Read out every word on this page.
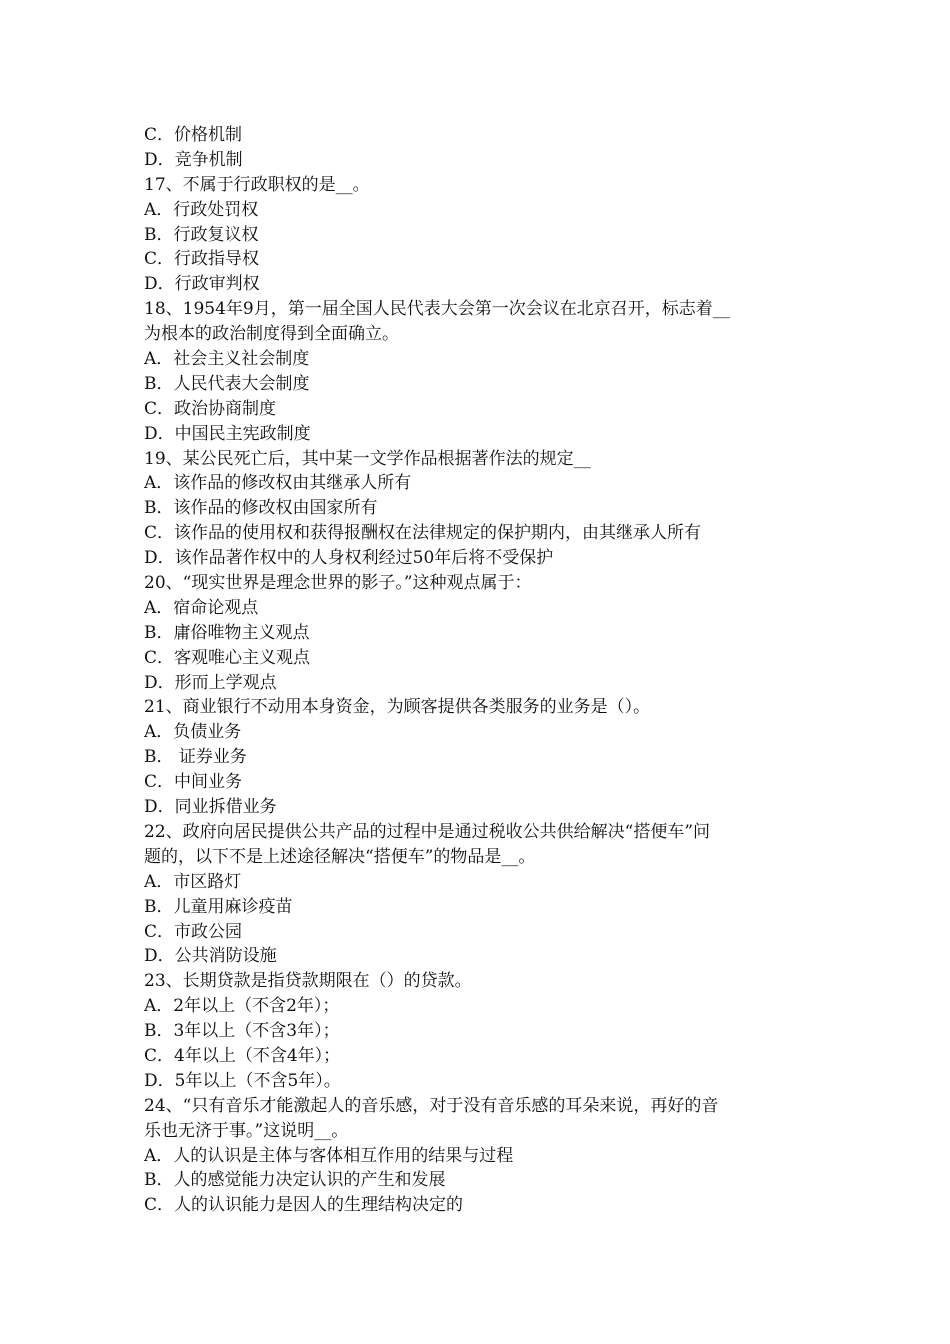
C．价格机制
D．竞争机制
17、不属于行政职权的是__。
A．行政处罚权
B．行政复议权
C．行政指导权
D．行政审判权
18、1954年9月，第一届全国人民代表大会第一次会议在北京召开，标志着__
为根本的政治制度得到全面确立。
A．社会主义社会制度
B．人民代表大会制度
C．政治协商制度
D．中国民主宪政制度
19、某公民死亡后，其中某一文学作品根据著作法的规定__
A．该作品的修改权由其继承人所有
B．该作品的修改权由国家所有
C．该作品的使用权和获得报酬权在法律规定的保护期内，由其继承人所有
D．该作品著作权中的人身权利经过50年后将不受保护
20、“现实世界是理念世界的影子。”这种观点属于：
A．宿命论观点
B．庸俗唯物主义观点
C．客观唯心主义观点
D．形而上学观点
21、商业银行不动用本身资金，为顾客提供各类服务的业务是（）。
A．负债业务
B． 证券业务
C．中间业务
D．同业拆借业务
22、政府向居民提供公共产品的过程中是通过税收公共供给解决“搭便车”问
题的，以下不是上述途径解决“搭便车”的物品是__。
A．市区路灯
B．儿童用麻诊疫苗
C．市政公园
D．公共消防设施
23、长期贷款是指贷款期限在（）的贷款。
A．2年以上（不含2年）；
B．3年以上（不含3年）；
C．4年以上（不含4年）；
D．5年以上（不含5年）。
24、“只有音乐才能激起人的音乐感，对于没有音乐感的耳朵来说，再好的音
乐也无济于事。”这说明__。
A．人的认识是主体与客体相互作用的结果与过程
B．人的感觉能力决定认识的产生和发展
C．人的认识能力是因人的生理结构决定的
